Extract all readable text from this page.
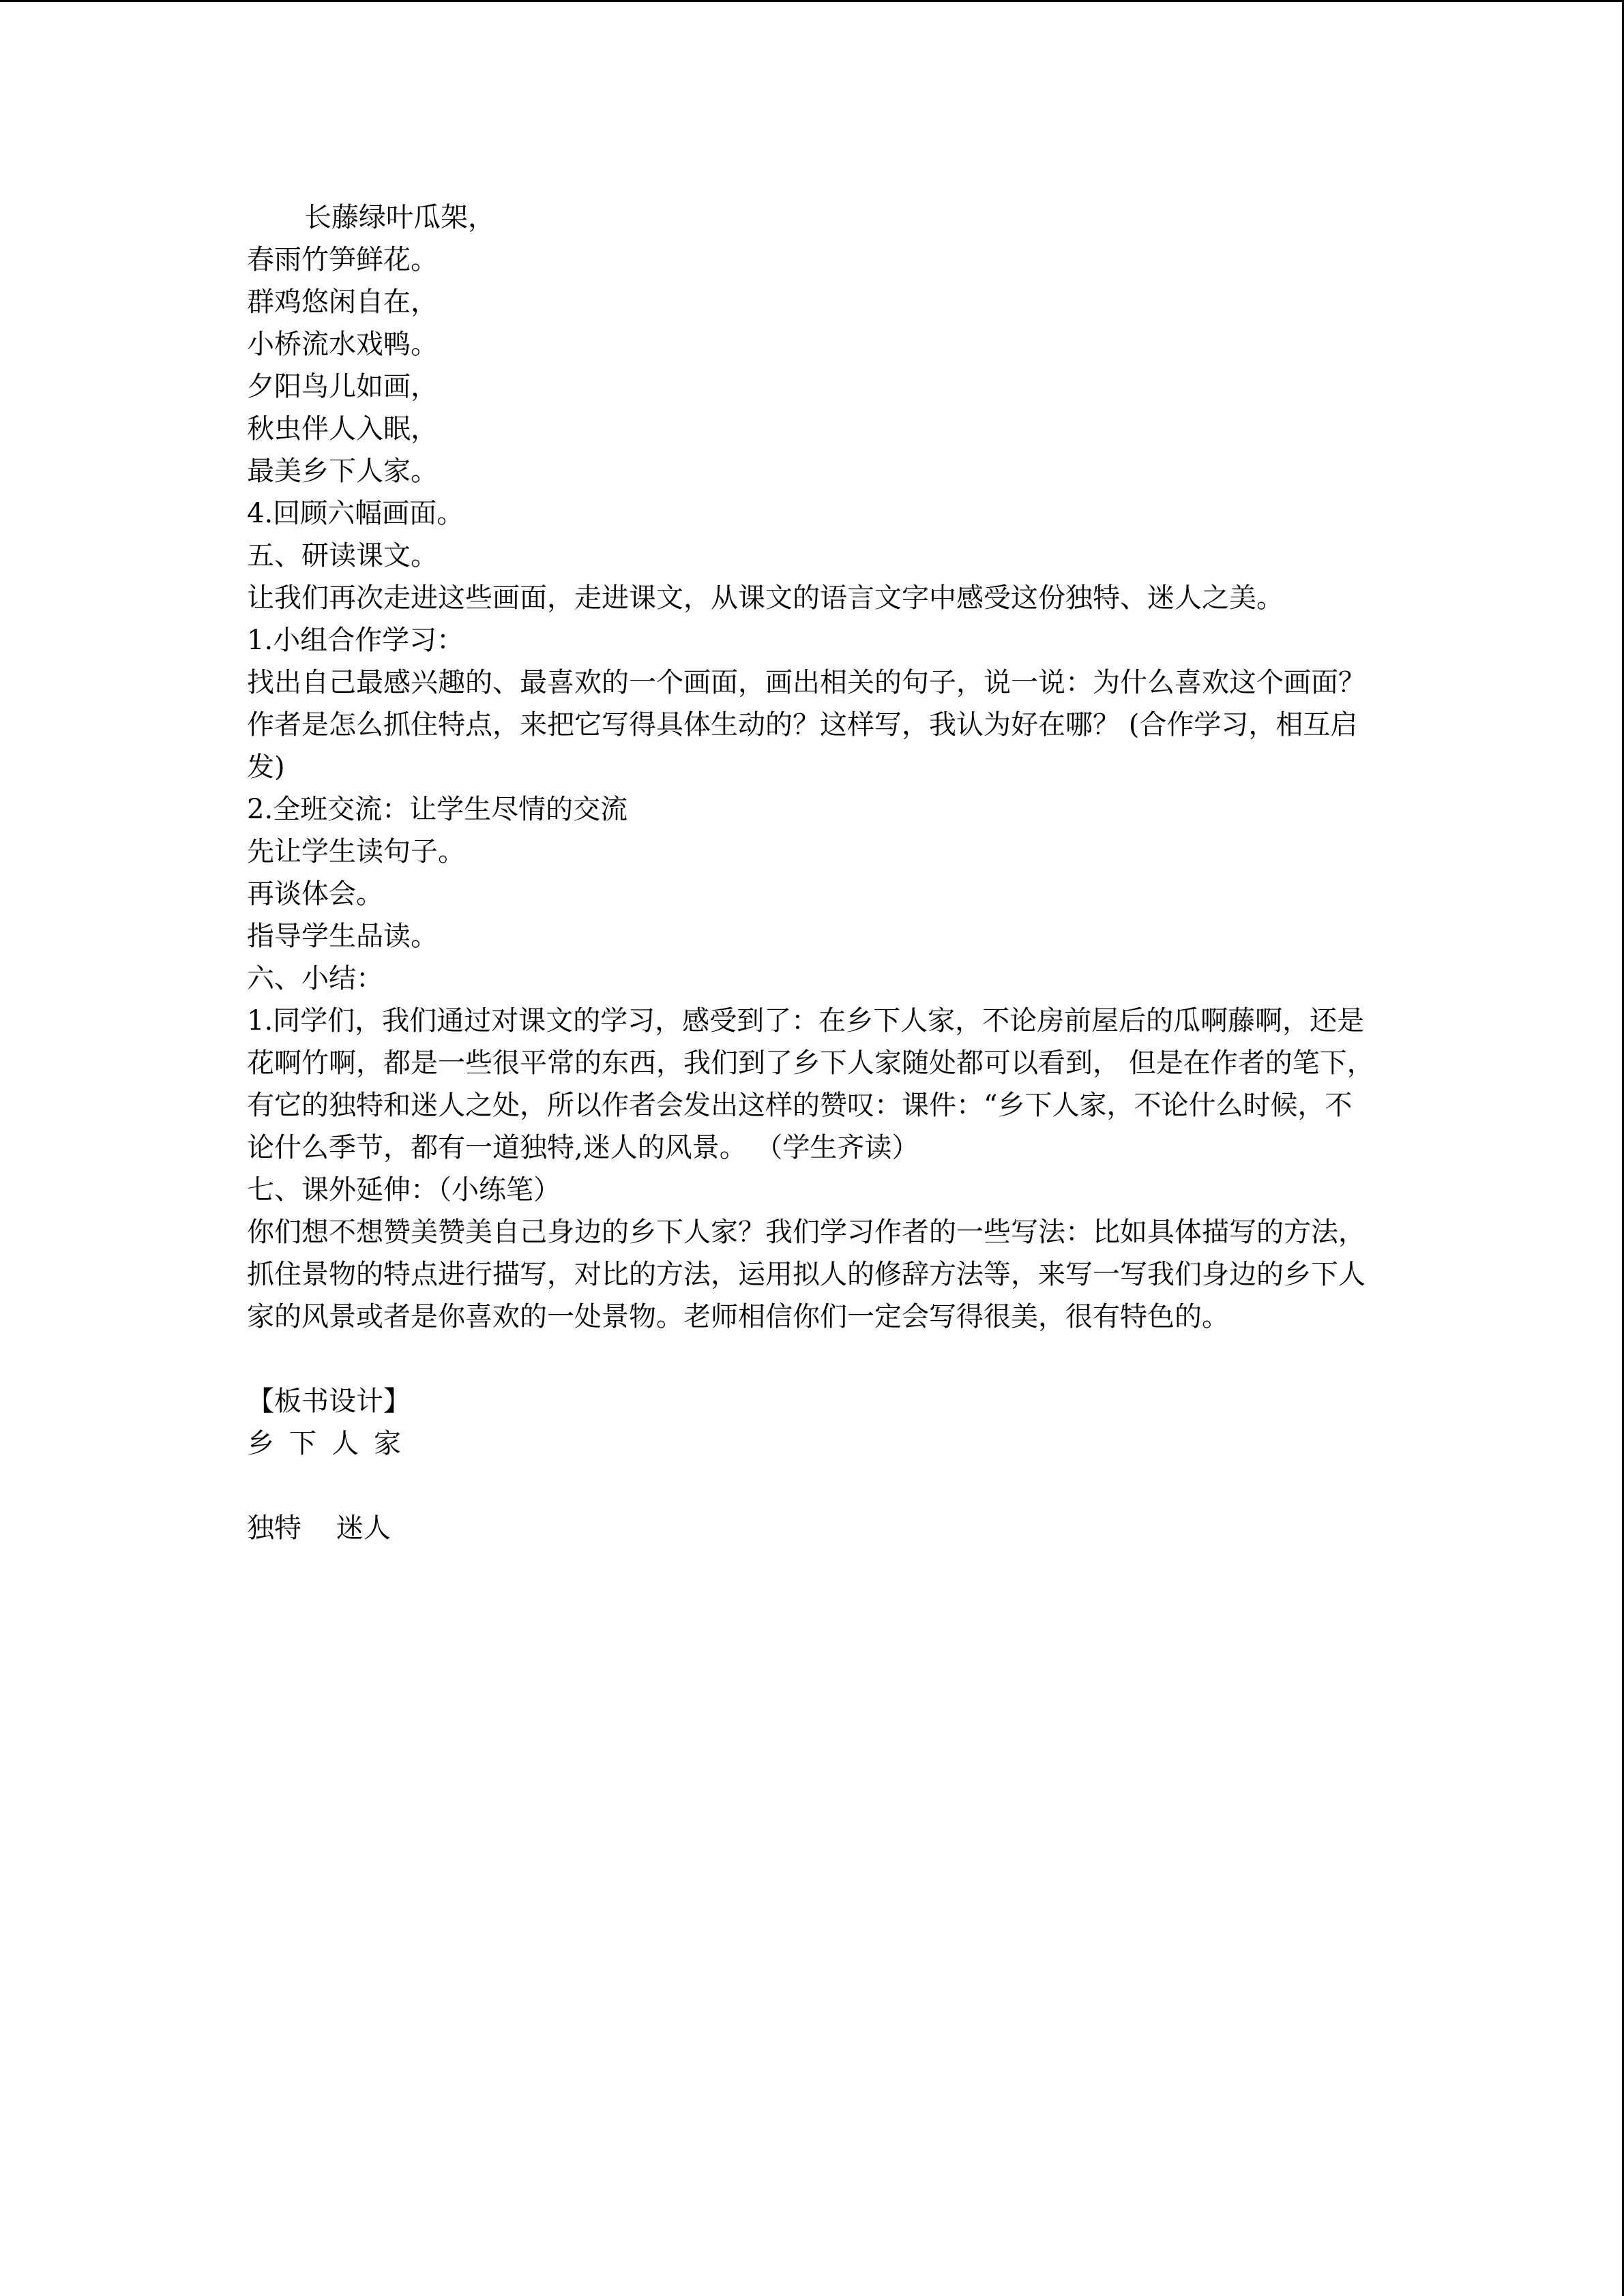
长藤绿叶瓜架，
春雨竹笋鲜花。
群鸡悠闲自在，
小桥流水戏鸭。
夕阳鸟儿如画，
秋虫伴人入眠，
最美乡下人家。
4.回顾六幅画面。
五、研读课文。
让我们再次走进这些画面，走进课文，从课文的语言文字中感受这份独特、迷人之美。
1.小组合作学习：
找出自己最感兴趣的、最喜欢的一个画面，画出相关的句子，说一说：为什么喜欢这个画面？作者是怎么抓住特点，来把它写得具体生动的？这样写，我认为好在哪？ (合作学习，相互启发)
2.全班交流：让学生尽情的交流
先让学生读句子。
再谈体会。
指导学生品读。
六、小结：
1.同学们，我们通过对课文的学习，感受到了：在乡下人家，不论房前屋后的瓜啊藤啊，还是花啊竹啊，都是一些很平常的东西，我们到了乡下人家随处都可以看到， 但是在作者的笔下，有它的独特和迷人之处，所以作者会发出这样的赞叹：课件：“乡下人家，不论什么时候，不论什么季节，都有一道独特,迷人的风景。 （学生齐读）
七、课外延伸：（小练笔）
你们想不想赞美赞美自己身边的乡下人家？我们学习作者的一些写法：比如具体描写的方法，抓住景物的特点进行描写，对比的方法，运用拟人的修辞方法等，来写一写我们身边的乡下人家的风景或者是你喜欢的一处景物。老师相信你们一定会写得很美，很有特色的。
【板书设计】
乡下人家
独特    迷人
